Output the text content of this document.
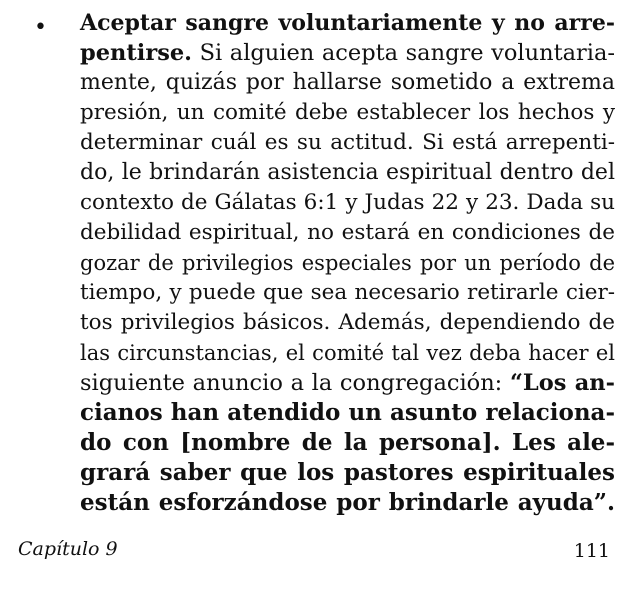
• Aceptar sangre voluntariamente y no arre-
pentirse. Si alguien acepta sangre voluntaria-
mente, quizás por hallarse sometido a extrema
presión, un comité debe establecer los hechos y
determinar cuál es su actitud. Si está arrepenti-
do, le brindarán asistencia espiritual dentro del
contexto de Gálatas 6:1 y Judas 22 y 23. Dada su
debilidad espiritual, no estará en condiciones de
gozar de privilegios especiales por un período de
tiempo, y puede que sea necesario retirarle cier-
tos privilegios básicos. Además, dependiendo de
las circunstancias, el comité tal vez deba hacer el
siguiente anuncio a la congregación: “Los an-
cianos han atendido un asunto relaciona-
do con [nombre de la persona]. Les ale-
grará saber que los pastores espirituales
están esforzándose por brindarle ayuda”.
Capítulo 9	111
